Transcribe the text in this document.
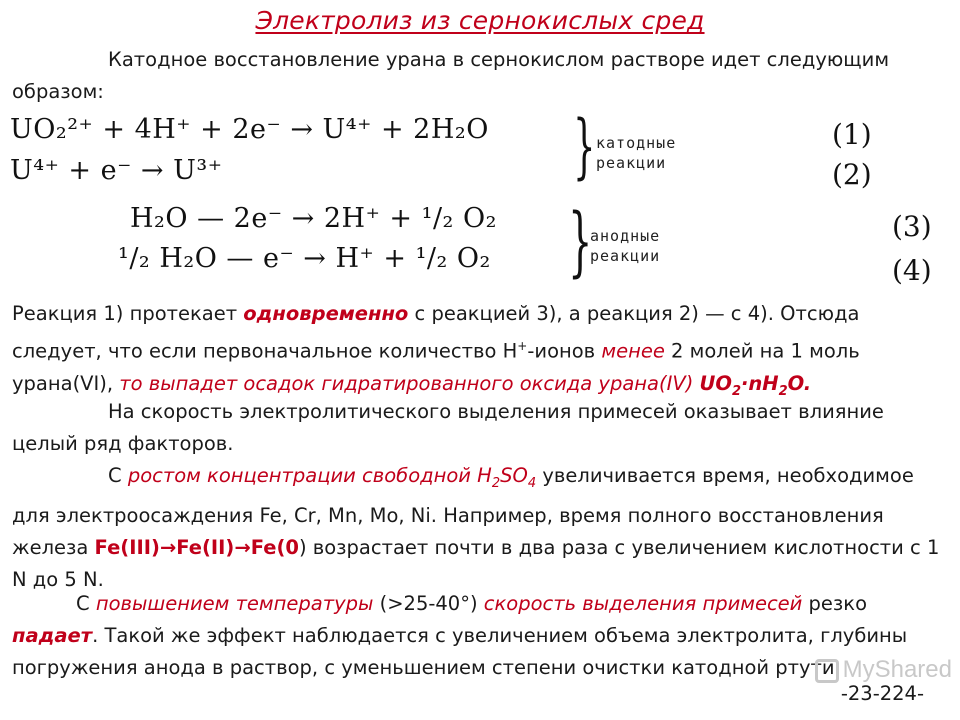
Электролиз из сернокислых сред
Катодное восстановление урана в сернокислом растворе идет следующим образом:
UO₂²⁺ + 4H⁺ + 2e⁻ → U⁴⁺ + 2H₂O
U⁴⁺ + e⁻ → U³⁺	} катодные
реакции
(1)
(2)
H₂O — 2e⁻ → 2H⁺ + ¹/₂ O₂
¹/₂ H₂O — e⁻ → H⁺ + ¹/₂ O₂ }
анодные
реакции
(3)
(4)
Реакция 1) протекает одновременно с реакцией 3), а реакция 2) — с 4). Отсюда следует, что если первоначальное количество H+-ионов менее 2 молей на 1 моль урана(VI), то выпадет осадок гидратированного оксида урана(IV) $UO_2\cdot nH_2O$.
На скорость электролитического выделения примесей оказывает влияние целый ряд факторов.
С ростом концентрации свободной $H_2SO_4$ увеличивается время, необходимое для электроосаждения Fe, Cr, Mn, Mo, Ni. Например, время полного восстановления железа Fe(III)→Fe(II)→Fe(0) возрастает почти в два раза с увеличением кислотности с 1 N до 5 N.
С повышением температуры (>25-40°) скорость выделения примесей резко падает. Такой же эффект наблюдается с увеличением объема электролита, глубины погружения анода в раствор, с уменьшением степени очистки катодной ртути. MyShared
-23-224-
